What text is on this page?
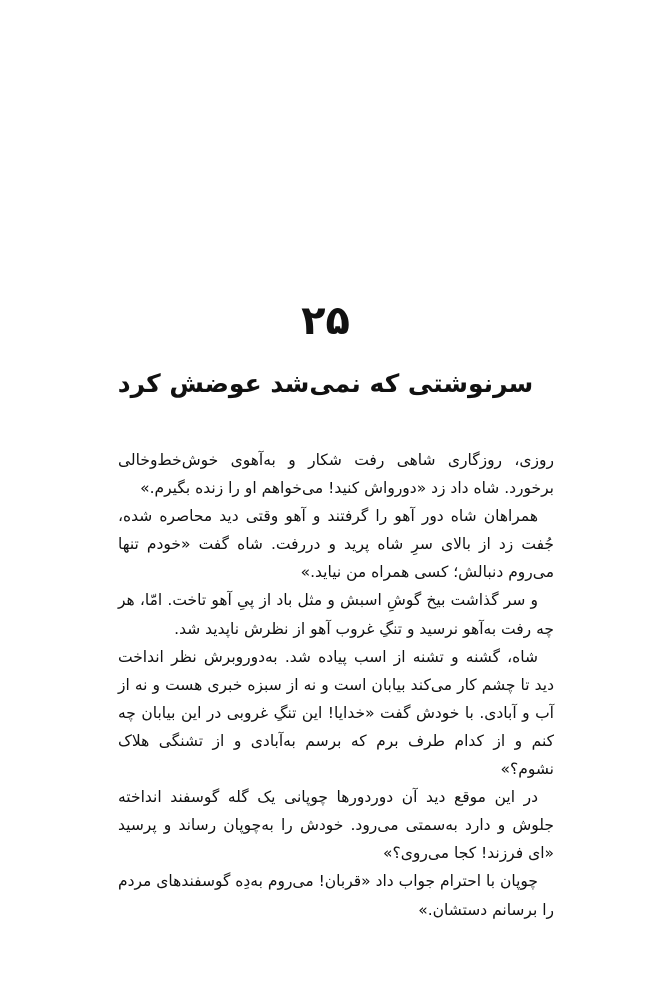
۲۵
سرنوشتی که نمی‌شد عوضش کرد

روزی، روزگاری شاهی رفت شکار و به‌آهوی خوش‌خط‌وخالی برخورد. شاه داد زد «دورواش کنید! می‌خواهم او را زنده بگیرم.»

همراهان شاه دور آهو را گرفتند و آهو وقتی دید محاصره شده، جُفت زد از بالای سرِ شاه پرید و دررفت. شاه گفت «خودم تنها می‌روم دنبالش؛ کسی همراه من نیاید.»

و سر گذاشت بیخ گوشِ اسبش و مثل باد از پیِ آهو تاخت. امّا، هر چه رفت به‌آهو نرسید و تنگِ غروب آهو از نظرش ناپدید شد.

شاه، گشنه و تشنه از اسب پیاده شد. به‌دوروبرش نظر انداخت دید تا چشم کار می‌کند بیابان است و نه از سبزه خبری هست و نه از آب و آبادی. با خودش گفت «خدایا! این تنگِ غروبی در این بیابان چه کنم و از کدام طرف برم که برسم به‌آبادی و از تشنگی هلاک نشوم؟»

در این موقع دید آن دوردورها چوپانی یک گله گوسفند انداخته جلوش و دارد به‌سمتی می‌رود. خودش را به‌چوپان رساند و پرسید «ای فرزند! کجا می‌روی؟»

چوپان با احترام جواب داد «قربان! می‌روم به‌دِه گوسفندهای مردم را برسانم دستشان.»
